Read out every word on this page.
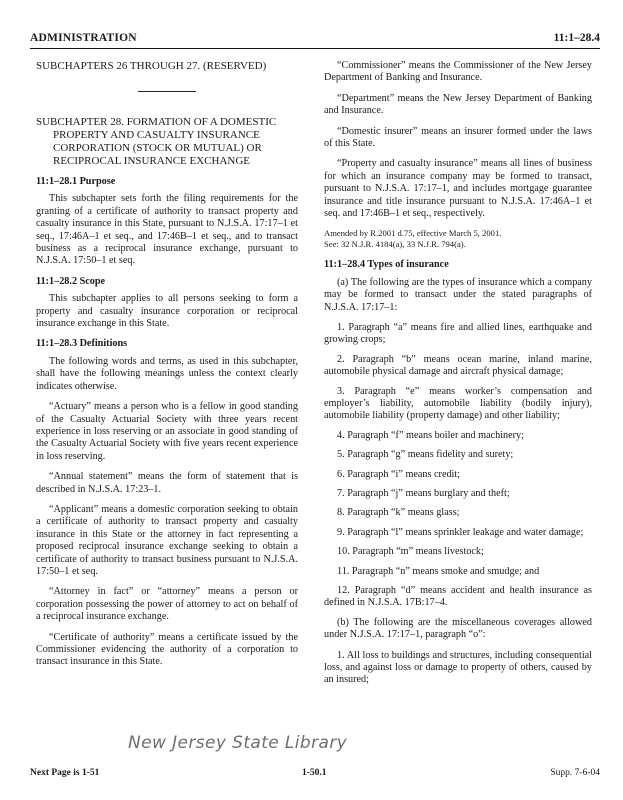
ADMINISTRATION	11:1–28.4
SUBCHAPTERS 26 THROUGH 27. (RESERVED)
SUBCHAPTER 28. FORMATION OF A DOMESTIC PROPERTY AND CASUALTY INSURANCE CORPORATION (STOCK OR MUTUAL) OR RECIPROCAL INSURANCE EXCHANGE
11:1–28.1 Purpose
This subchapter sets forth the filing requirements for the granting of a certificate of authority to transact property and casualty insurance in this State, pursuant to N.J.S.A. 17:17–1 et seq., 17:46A–1 et seq., and 17:46B–1 et seq., and to transact business as a reciprocal insurance exchange, pursuant to N.J.S.A. 17:50–1 et seq.
11:1–28.2 Scope
This subchapter applies to all persons seeking to form a property and casualty insurance corporation or reciprocal insurance exchange in this State.
11:1–28.3 Definitions
The following words and terms, as used in this subchapter, shall have the following meanings unless the context clearly indicates otherwise.
“Actuary” means a person who is a fellow in good standing of the Casualty Actuarial Society with three years recent experience in loss reserving or an associate in good standing of the Casualty Actuarial Society with five years recent experience in loss reserving.
“Annual statement” means the form of statement that is described in N.J.S.A. 17:23–1.
“Applicant” means a domestic corporation seeking to obtain a certificate of authority to transact property and casualty insurance in this State or the attorney in fact representing a proposed reciprocal insurance exchange seeking to obtain a certificate of authority to transact business pursuant to N.J.S.A. 17:50–1 et seq.
“Attorney in fact” or “attorney” means a person or corporation possessing the power of attorney to act on behalf of a reciprocal insurance exchange.
“Certificate of authority” means a certificate issued by the Commissioner evidencing the authority of a corporation to transact insurance in this State.
“Commissioner” means the Commissioner of the New Jersey Department of Banking and Insurance.
“Department” means the New Jersey Department of Banking and Insurance.
“Domestic insurer” means an insurer formed under the laws of this State.
“Property and casualty insurance” means all lines of business for which an insurance company may be formed to transact, pursuant to N.J.S.A. 17:17–1, and includes mortgage guarantee insurance and title insurance pursuant to N.J.S.A. 17:46A–1 et seq. and 17:46B–1 et seq., respectively.
Amended by R.2001 d.75, effective March 5, 2001.
See: 32 N.J.R. 4184(a), 33 N.J.R. 794(a).
11:1–28.4 Types of insurance
(a) The following are the types of insurance which a company may be formed to transact under the stated paragraphs of N.J.S.A. 17:17–1:
1. Paragraph “a” means fire and allied lines, earthquake and growing crops;
2. Paragraph “b” means ocean marine, inland marine, automobile physical damage and aircraft physical damage;
3. Paragraph “e” means worker’s compensation and employer’s liability, automobile liability (bodily injury), automobile liability (property damage) and other liability;
4. Paragraph “f” means boiler and machinery;
5. Paragraph “g” means fidelity and surety;
6. Paragraph “i” means credit;
7. Paragraph “j” means burglary and theft;
8. Paragraph “k” means glass;
9. Paragraph “l” means sprinkler leakage and water damage;
10. Paragraph “m” means livestock;
11. Paragraph “n” means smoke and smudge; and
12. Paragraph “d” means accident and health insurance as defined in N.J.S.A. 17B:17–4.
(b) The following are the miscellaneous coverages allowed under N.J.S.A. 17:17–1, paragraph “o”:
1. All loss to buildings and structures, including consequential loss, and against loss or damage to property of others, caused by an insured;
New Jersey State Library
Next Page is 1-51	1-50.1	Supp. 7-6-04
